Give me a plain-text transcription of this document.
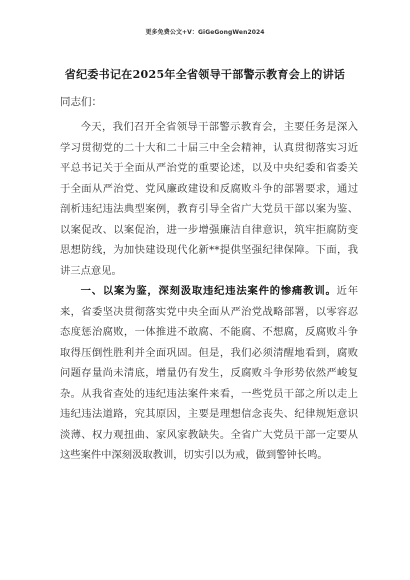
更多免费公文+V：GiGeGongWen2024
省纪委书记在2025年全省领导干部警示教育会上的讲话
同志们：

今天，我们召开全省领导干部警示教育会，主要任务是深入学习贯彻党的二十大和二十届三中全会精神，认真贯彻落实习近平总书记关于全面从严治党的重要论述，以及中央纪委和省委关于全面从严治党、党风廉政建设和反腐败斗争的部署要求，通过剖析违纪违法典型案例，教育引导全省广大党员干部以案为鉴、以案促改、以案促治，进一步增强廉洁自律意识，筑牢拒腐防变思想防线，为加快建设现代化新**提供坚强纪律保障。下面，我讲三点意见。

一、以案为鉴，深刻汲取违纪违法案件的惨痛教训。近年来，省委坚决贯彻落实党中央全面从严治党战略部署，以零容忍态度惩治腐败，一体推进不敢腐、不能腐、不想腐，反腐败斗争取得压倒性胜利并全面巩固。但是，我们必须清醒地看到，腐败问题存量尚未清底，增量仍有发生，反腐败斗争形势依然严峻复杂。从我省查处的违纪违法案件来看，一些党员干部之所以走上违纪违法道路，究其原因，主要是理想信念丧失、纪律规矩意识淡薄、权力观扭曲、家风家教缺失。全省广大党员干部一定要从这些案件中深刻汲取教训，切实引以为戒，做到警钟长鸣。
